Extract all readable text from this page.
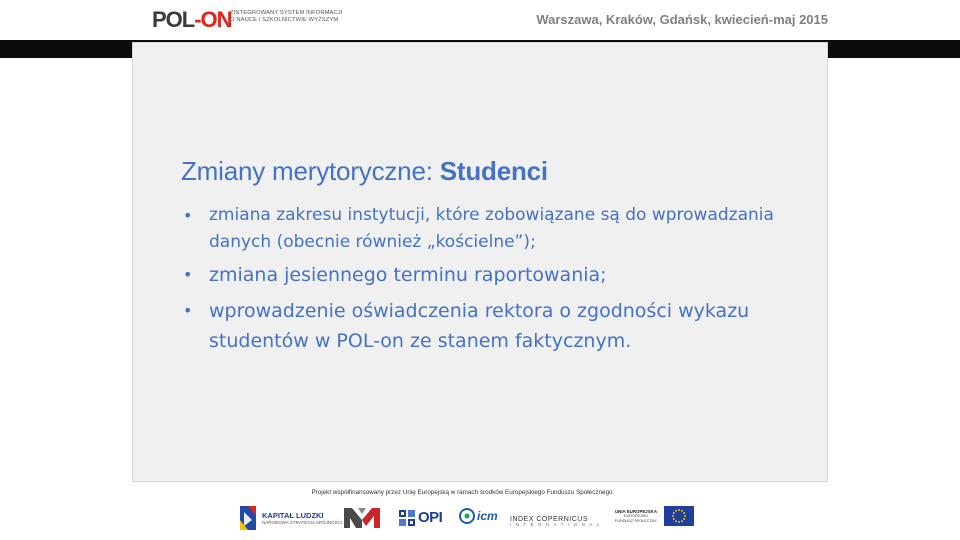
POL-ON
ZINTEGROWANY SYSTEM INFORMACJI
O NAUCE I SZKOLNICTWIE WYŻSZYM	Warszawa, Kraków, Gdańsk, kwiecień-maj 2015
Zmiany merytoryczne: Studenci
• zmiana zakresu instytucji, które zobowiązane są do wprowadzania danych (obecnie również „kościelne”);
• zmiana jesiennego terminu raportowania;
• wprowadzenie oświadczenia rektora o zgodności wykazu studentów w POL-on ze stanem faktycznym.
Projekt współfinansowany przez Unię Europejską w ramach środków Europejskiego Funduszu Społecznego
KAPITAŁ LUDZKI
NARODOWA STRATEGIA SPÓJNOŚCI	OPI	icm INDEX COPERNICUS
INTERNATIONAL
UNIA EUROPEJSKA
EUROPEJSKI
FUNDUSZ SPOŁECZNY
